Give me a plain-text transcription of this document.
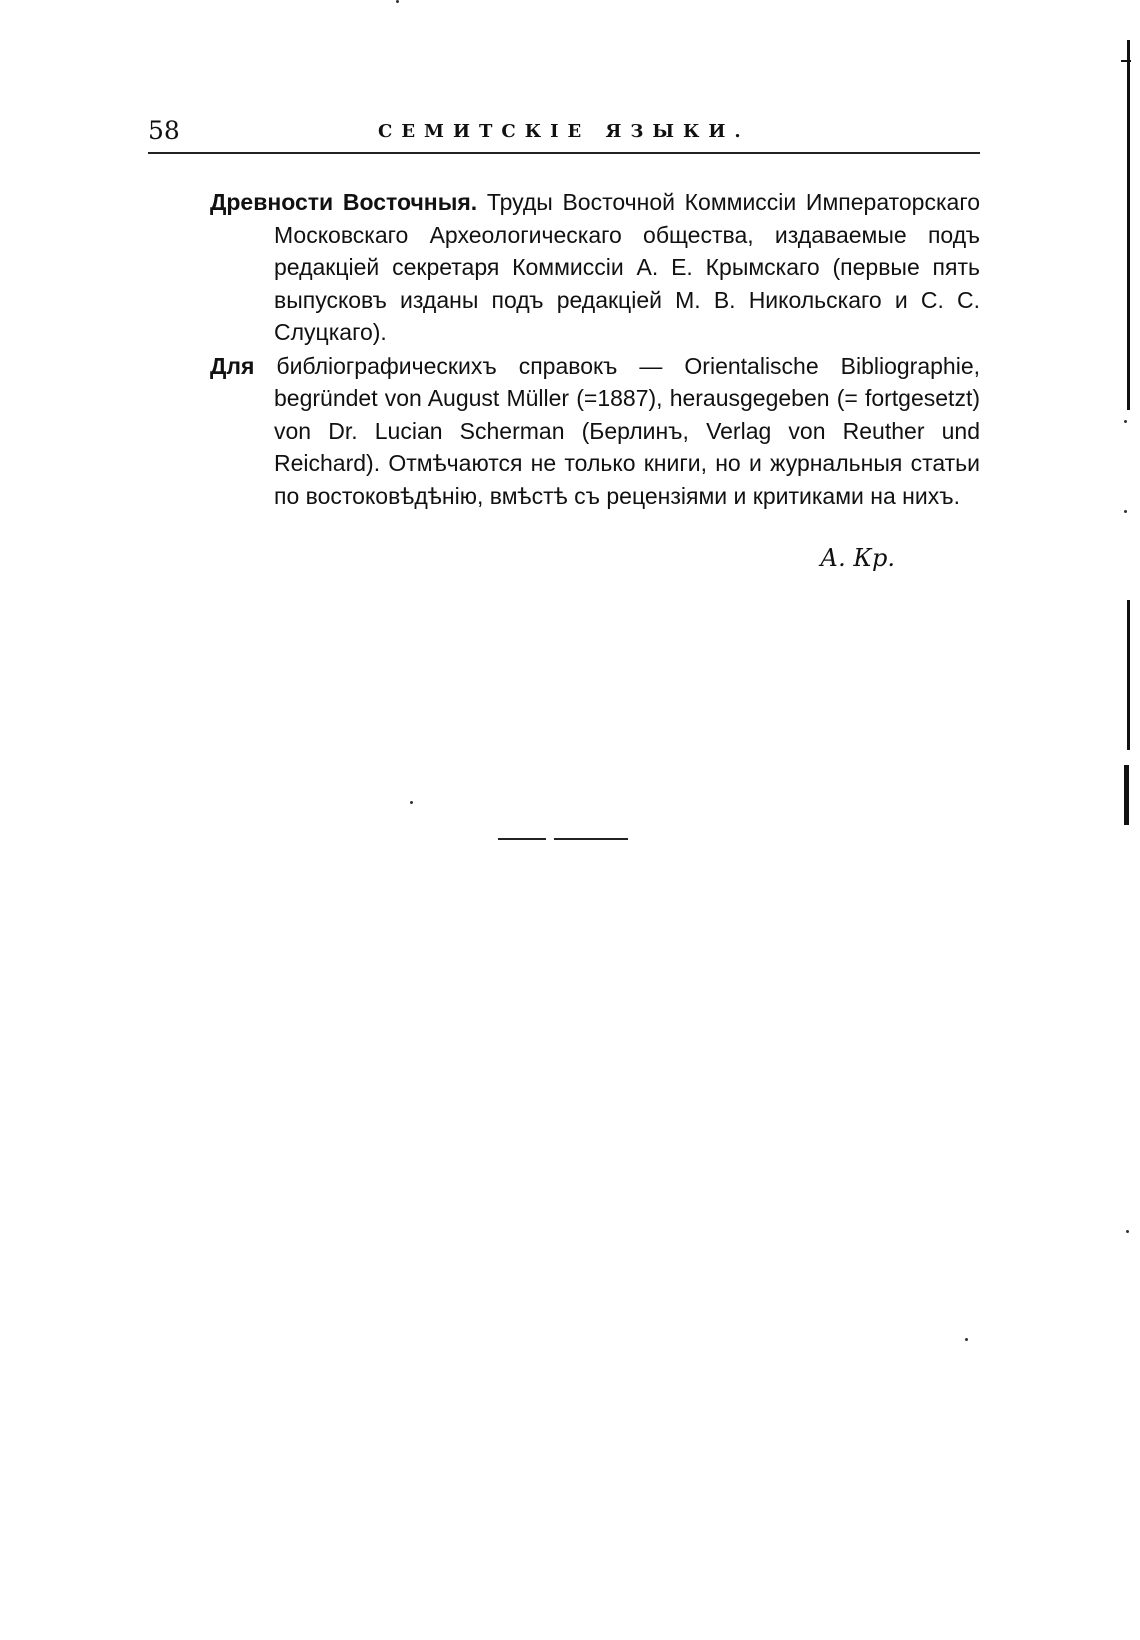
58	СЕМИТСКІЕ ЯЗЫКИ.

Древности Восточныя. Труды Восточной Коммиссіи Императорскаго Московскаго Археологическаго общества, издаваемые подъ редакціей секретаря Коммиссіи А. Е. Крымскаго (первые пять выпусковъ изданы подъ редакціей М. В. Никольскаго и С. С. Слуцкаго).

Для библіографическихъ справокъ — Orientalische Bibliographie, begründet von August Müller (=1887), herausgegeben (= fortgesetzt) von Dr. Lucian Scherman (Берлинъ, Verlag von Reuther und Reichard). Отмѣчаются не только книги, но и журнальныя статьи по востоковѣдѣнію, вмѣстѣ съ рецензіями и критиками на нихъ.

А. Кр.
